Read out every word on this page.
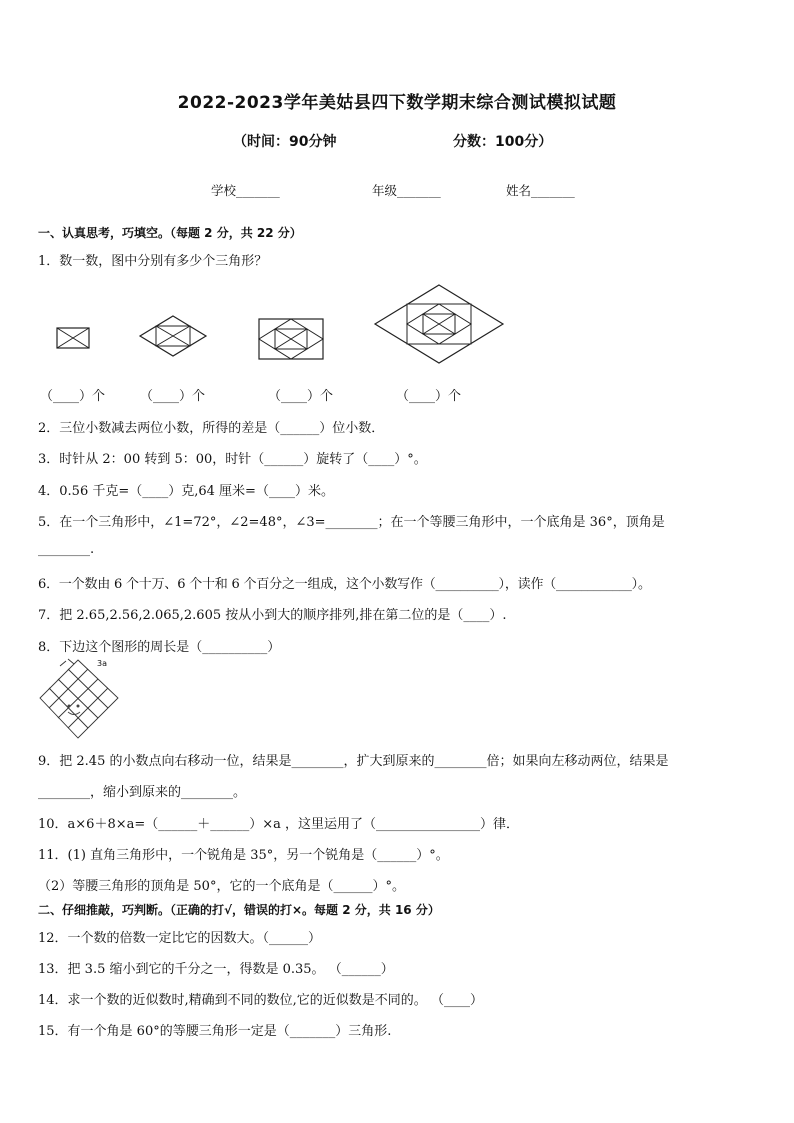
2022-2023学年美姑县四下数学期末综合测试模拟试题
（时间：90分钟	分数：100分）
学校_______	年级_______	姓名_______
一、认真思考，巧填空。（每题 2 分，共 22 分）
1．数一数，图中分别有多少个三角形？
（____）个	（____）个	（____）个	（____）个
2．三位小数减去两位小数，所得的差是（______）位小数．
3．时针从 2：00 转到 5：00，时针（______）旋转了（____）°。
4．0.56 千克=（____）克,64 厘米=（____）米。
5．在一个三角形中，∠1=72°，∠2=48°，∠3=________；在一个等腰三角形中，一个底角是 36°，顶角是
________.
6．一个数由 6 个十万、6 个十和 6 个百分之一组成，这个小数写作（__________），读作（____________）。
7．把 2.65,2.56,2.065,2.605 按从小到大的顺序排列,排在第二位的是（____）.
8．下边这个图形的周长是（__________）
3a
9．把 2.45 的小数点向右移动一位，结果是________，扩大到原来的________倍；如果向左移动两位，结果是
________，缩小到原来的________。
10．a×6＋8×a=（______＋______）×a ，这里运用了（________________）律．
11．(1) 直角三角形中，一个锐角是 35°，另一个锐角是（______）°。
（2）等腰三角形的顶角是 50°，它的一个底角是（______）°。
二、仔细推敲，巧判断。（正确的打√，错误的打×。每题 2 分，共 16 分）
12．一个数的倍数一定比它的因数大。（______）
13．把 3.5 缩小到它的千分之一，得数是 0.35。 （______）
14．求一个数的近似数时,精确到不同的数位,它的近似数是不同的。 （____）
15．有一个角是 60°的等腰三角形一定是（_______）三角形.
